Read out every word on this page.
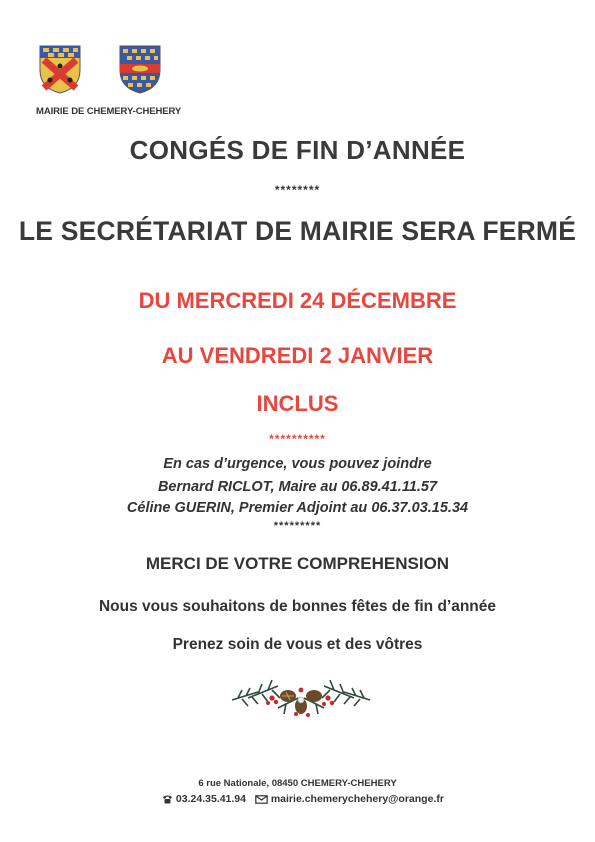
MAIRIE DE CHEMERY-CHEHERY
CONGÉS DE FIN D’ANNÉE
********
LE SECRÉTARIAT DE MAIRIE SERA FERMÉ
DU MERCREDI 24 DÉCEMBRE
AU VENDREDI 2 JANVIER
INCLUS
**********
En cas d’urgence, vous pouvez joindre
Bernard RICLOT, Maire au 06.89.41.11.57
Céline GUERIN, Premier Adjoint au 06.37.03.15.34
*********
MERCI DE VOTRE COMPREHENSION
Nous vous souhaitons de bonnes fêtes de fin d’année
Prenez soin de vous et des vôtres
6 rue Nationale, 08450 CHEMERY-CHEHERY
03.24.35.41.94 mairie.chemerychehery@orange.fr
